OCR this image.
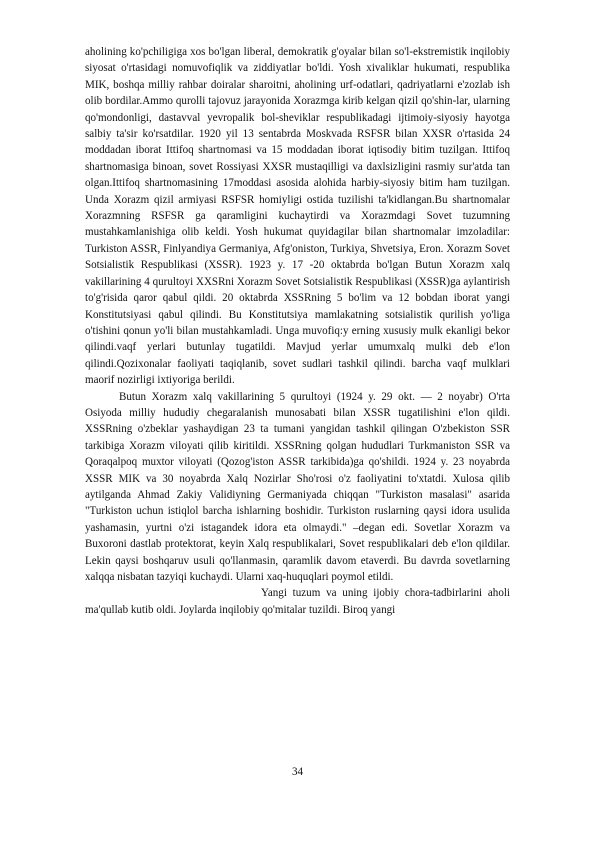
aholining ko'pchiligiga xos bo'lgan liberal, demokratik g'oyalar bilan so'l-ekstremistik inqilobiy siyosat o'rtasidagi nomuvofiqlik va ziddiyatlar bo'ldi. Yosh xivaliklar hukumati, respublika MIK, boshqa milliy rahbar doiralar sharoitni, aholining urf-odatlari, qadriyatlarni e'zozlab ish olib bordilar.Ammo qurolli tajovuz jarayonida Xorazmga kirib kelgan qizil qo'shin-lar, ularning qo'mondonligi, dastavval yevropalik bol-sheviklar respublikadagi ijtimoiy-siyosiy hayotga salbiy ta'sir ko'rsatdilar. 1920 yil 13 sentabrda Moskvada RSFSR bilan XXSR o'rtasida 24 moddadan iborat Ittifoq shartnomasi va 15 moddadan iborat iqtisodiy bitim tuzilgan. Ittifoq shartnomasiga binoan, sovet Rossiyasi XXSR mustaqilligi va daxlsizligini rasmiy sur'atda tan olgan.Ittifoq shartnomasining 17moddasi asosida alohida harbiy-siyosiy bitim ham tuzilgan. Unda Xorazm qizil armiyasi RSFSR homiyligi ostida tuzilishi ta'kidlangan.Bu shartnomalar Xorazmning RSFSR ga qaramligini kuchaytirdi va Xorazmdagi Sovet tuzumning mustahkamlanishiga olib keldi. Yosh hukumat quyidagilar bilan shartnomalar imzoladilar: Turkiston ASSR, Finlyandiya Germaniya, Afg'oniston, Turkiya, Shvetsiya, Eron. Xorazm Sovet Sotsialistik Respublikasi (XSSR). 1923 y. 17 -20 oktabrda bo'lgan Butun Xorazm xalq vakillarining 4 qurultoyi XXSRni Xorazm Sovet Sotsialistik Respublikasi (XSSR)ga aylantirish to'g'risida qaror qabul qildi. 20 oktabrda XSSRning 5 bo'lim va 12 bobdan iborat yangi Konstitutsiyasi qabul qilindi. Bu Konstitutsiya mamlakatning sotsialistik qurilish yo'liga o'tishini qonun yo'li bilan mustahkamladi. Unga muvofiq:y erning xususiy mulk ekanligi bekor qilindi.vaqf yerlari butunlay tugatildi. Mavjud yerlar umumxalq mulki deb e'lon qilindi.Qozixonalar faoliyati taqiqlanib, sovet sudlari tashkil qilindi. barcha vaqf mulklari maorif nozirligi ixtiyoriga berildi.

Butun Xorazm xalq vakillarining 5 qurultoyi (1924 y. 29 okt. — 2 noyabr) O'rta Osiyoda milliy hududiy chegaralanish munosabati bilan XSSR tugatilishini e'lon qildi. XSSRning o'zbeklar yashaydigan 23 ta tumani yangidan tashkil qilingan O'zbekiston SSR tarkibiga Xorazm viloyati qilib kiritildi. XSSRning qolgan hududlari Turkmaniston SSR va Qoraqalpoq muxtor viloyati (Qozog'iston ASSR tarkibida)ga qo'shildi. 1924 y. 23 noyabrda XSSR MIK va 30 noyabrda Xalq Nozirlar Sho'rosi o'z faoliyatini to'xtatdi. Xulosa qilib aytilganda Ahmad Zakiy Validiyning Germaniyada chiqqan "Turkiston masalasi" asarida "Turkiston uchun istiqlol barcha ishlarning boshidir. Turkiston ruslarning qaysi idora usulida yashamasin, yurtni o'zi istagandek idora eta olmaydi." –degan edi. Sovetlar Xorazm va Buxoroni dastlab protektorat, keyin Xalq respublikalari, Sovet respublikalari deb e'lon qildilar. Lekin qaysi boshqaruv usuli qo'llanmasin, qaramlik davom etaverdi. Bu davrda sovetlarning xalqqa nisbatan tazyiqi kuchaydi. Ularni xaq-huquqlari poymol etildi.

Yangi tuzum va uning ijobiy chora-tadbirlarini aholi ma'qullab kutib oldi. Joylarda inqilobiy qo'mitalar tuzildi. Biroq yangi

34
